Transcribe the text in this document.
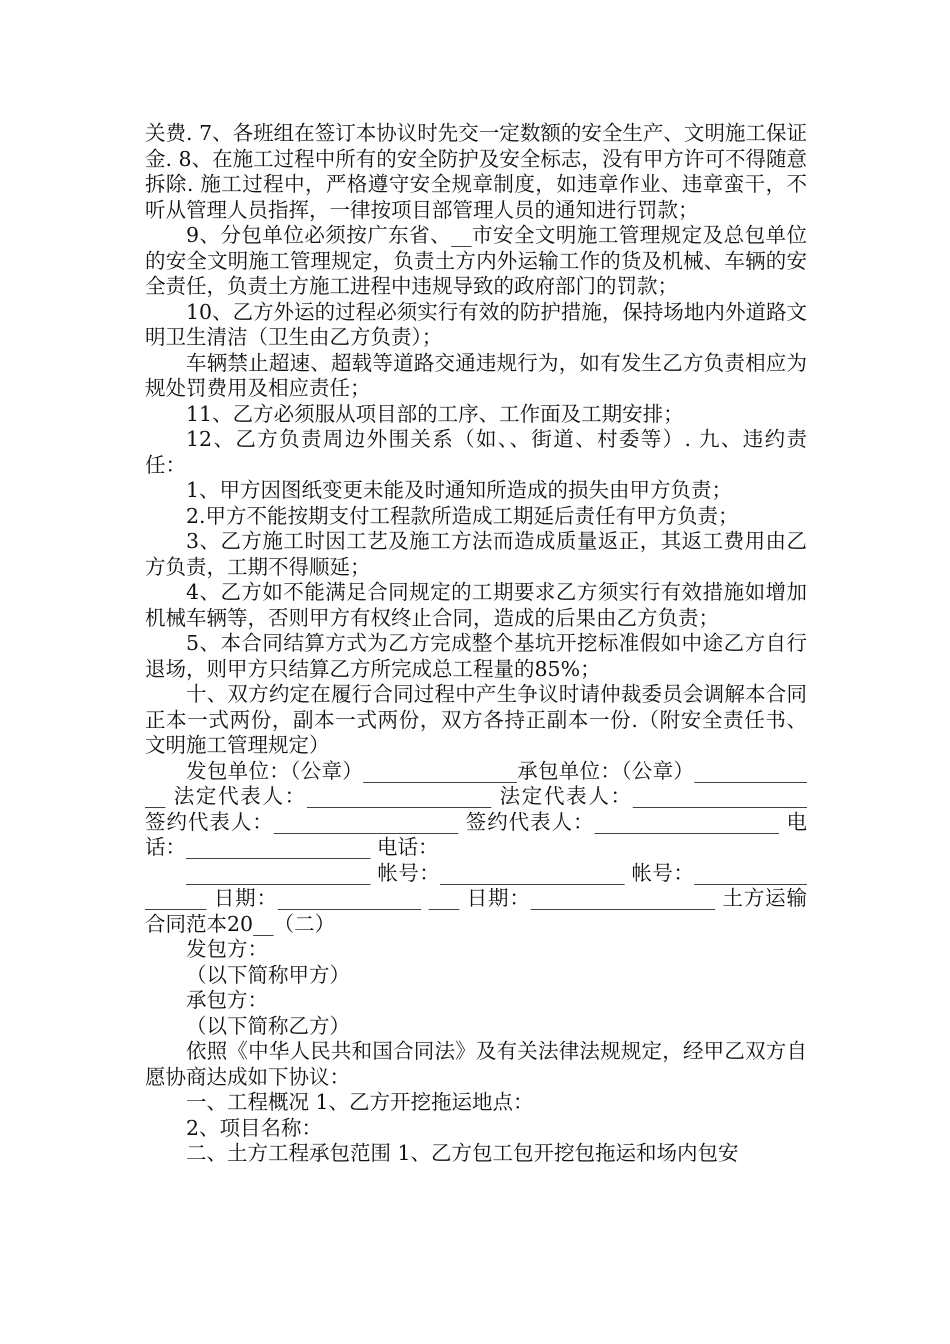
关费. 7、各班组在签订本协议时先交一定数额的安全生产、文明施工保证金. 8、在施工过程中所有的安全防护及安全标志，没有甲方许可不得随意拆除. 施工过程中，严格遵守安全规章制度，如违章作业、违章蛮干，不听从管理人员指挥，一律按项目部管理人员的通知进行罚款；

9、分包单位必须按广东省、__市安全文明施工管理规定及总包单位的安全文明施工管理规定，负责土方内外运输工作的货及机械、车辆的安全责任，负责土方施工进程中违规导致的政府部门的罚款；

10、乙方外运的过程必须实行有效的防护措施，保持场地内外道路文明卫生清洁（卫生由乙方负责）；

车辆禁止超速、超载等道路交通违规行为，如有发生乙方负责相应为规处罚费用及相应责任；

11、乙方必须服从项目部的工序、工作面及工期安排；

12、乙方负责周边外围关系（如、、街道、村委等）. 九、违约责任：

1、甲方因图纸变更未能及时通知所造成的损失由甲方负责；

2.甲方不能按期支付工程款所造成工期延后责任有甲方负责；

3、乙方施工时因工艺及施工方法而造成质量返正，其返工费用由乙方负责，工期不得顺延；

4、乙方如不能满足合同规定的工期要求乙方须实行有效措施如增加机械车辆等，否则甲方有权终止合同，造成的后果由乙方负责；

5、本合同结算方式为乙方完成整个基坑开挖标准假如中途乙方自行退场，则甲方只结算乙方所完成总工程量的85%；

十、双方约定在履行合同过程中产生争议时请仲裁委员会调解本合同正本一式两份，副本一式两份，双方各持正副本一份.（附安全责任书、文明施工管理规定）

发包单位：（公章）_______________承包单位：（公章）_____________ 法定代表人：__________________ 法定代表人：_________________ 签约代表人：__________________ 签约代表人：__________________ 电话：__________________ 电话：

__________________ 帐号：__________________ 帐号：_________________ 日期：______________ ___ 日期：__________________ 土方运输合同范本20__（二）

发包方：

（以下简称甲方）

承包方：

（以下简称乙方）

依照《中华人民共和国合同法》及有关法律法规规定，经甲乙双方自愿协商达成如下协议：

一、工程概况 1、乙方开挖拖运地点：

2、项目名称：

二、土方工程承包范围 1、乙方包工包开挖包拖运和场内包安
